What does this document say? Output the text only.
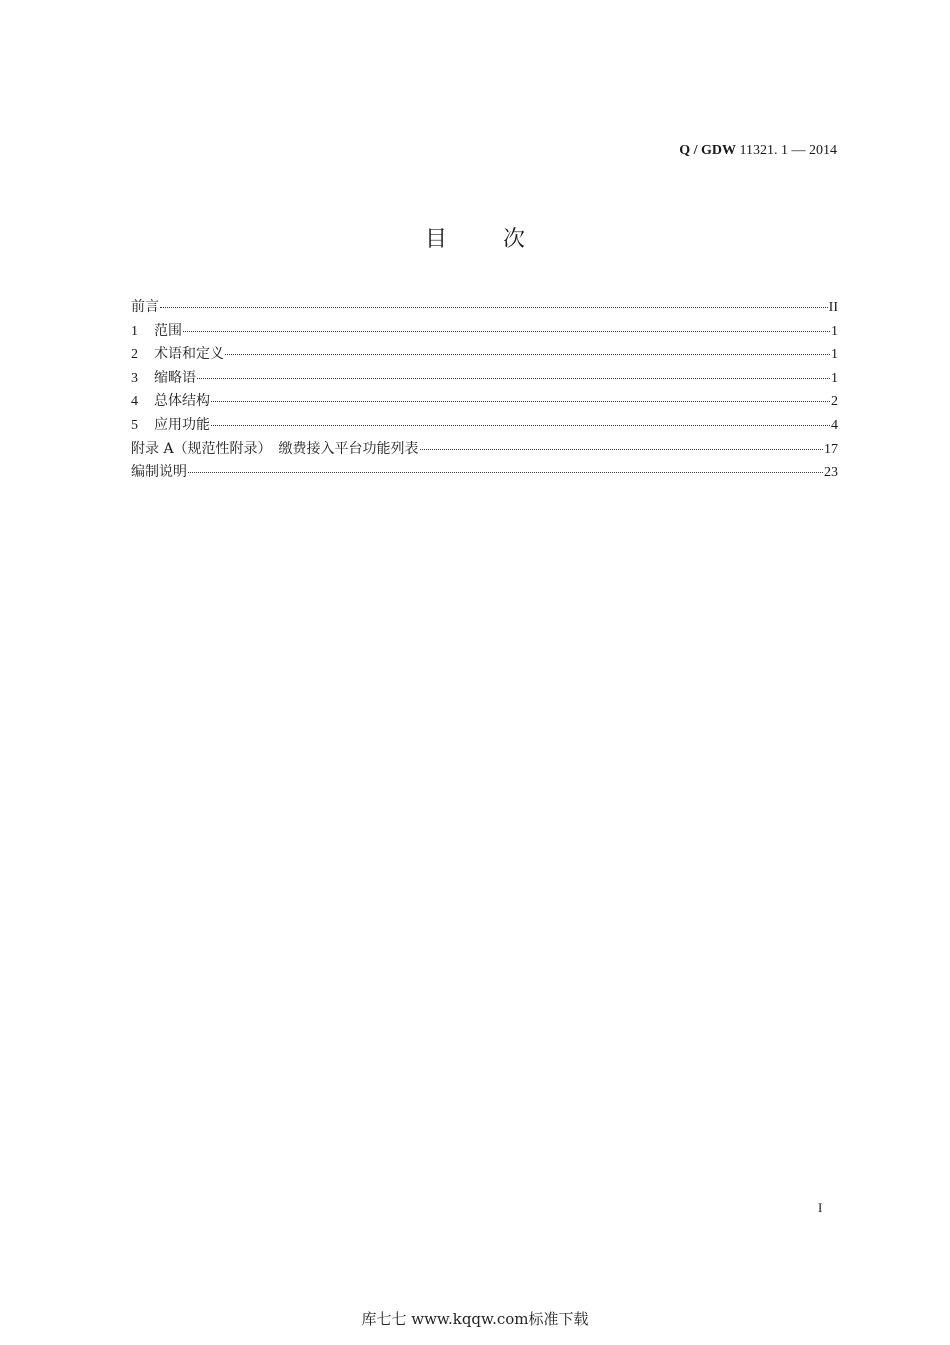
Q / GDW 11321. 1 — 2014
目	次
前言	II
1	范围	1
2	术语和定义	1
3	缩略语	1
4	总体结构	2
5	应用功能	4
附录 A（规范性附录）　缴费接入平台功能列表	17
编制说明	23
I
库七七 www.kqqw.com标准下载
